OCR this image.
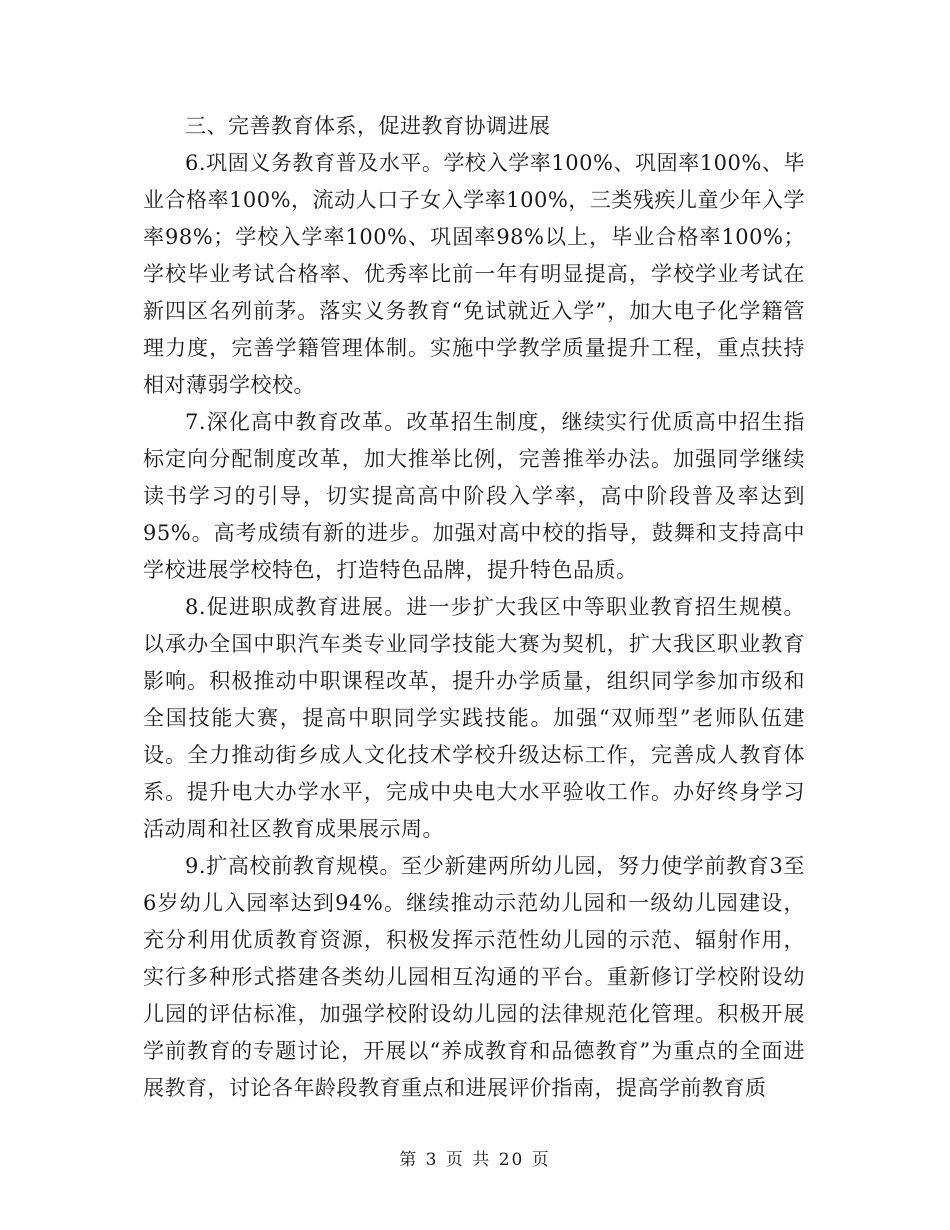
三、完善教育体系，促进教育协调进展

6.巩固义务教育普及水平。学校入学率100%、巩固率100%、毕业合格率100%，流动人口子女入学率100%，三类残疾儿童少年入学率98%；学校入学率100%、巩固率98%以上，毕业合格率100%；学校毕业考试合格率、优秀率比前一年有明显提高，学校学业考试在新四区名列前茅。落实义务教育“免试就近入学”，加大电子化学籍管理力度，完善学籍管理体制。实施中学教学质量提升工程，重点扶持相对薄弱学校校。

7.深化高中教育改革。改革招生制度，继续实行优质高中招生指标定向分配制度改革，加大推举比例，完善推举办法。加强同学继续读书学习的引导，切实提高高中阶段入学率，高中阶段普及率达到95%。高考成绩有新的进步。加强对高中校的指导，鼓舞和支持高中学校进展学校特色，打造特色品牌，提升特色品质。

8.促进职成教育进展。进一步扩大我区中等职业教育招生规模。以承办全国中职汽车类专业同学技能大赛为契机，扩大我区职业教育影响。积极推动中职课程改革，提升办学质量，组织同学参加市级和全国技能大赛，提高中职同学实践技能。加强“双师型”老师队伍建设。全力推动街乡成人文化技术学校升级达标工作，完善成人教育体系。提升电大办学水平，完成中央电大水平验收工作。办好终身学习活动周和社区教育成果展示周。

9.扩高校前教育规模。至少新建两所幼儿园，努力使学前教育3至6岁幼儿入园率达到94%。继续推动示范幼儿园和一级幼儿园建设，充分利用优质教育资源，积极发挥示范性幼儿园的示范、辐射作用，实行多种形式搭建各类幼儿园相互沟通的平台。重新修订学校附设幼儿园的评估标准，加强学校附设幼儿园的法律规范化管理。积极开展学前教育的专题讨论，开展以“养成教育和品德教育”为重点的全面进展教育，讨论各年龄段教育重点和进展评价指南，提高学前教育质

第 3 页 共 20 页
